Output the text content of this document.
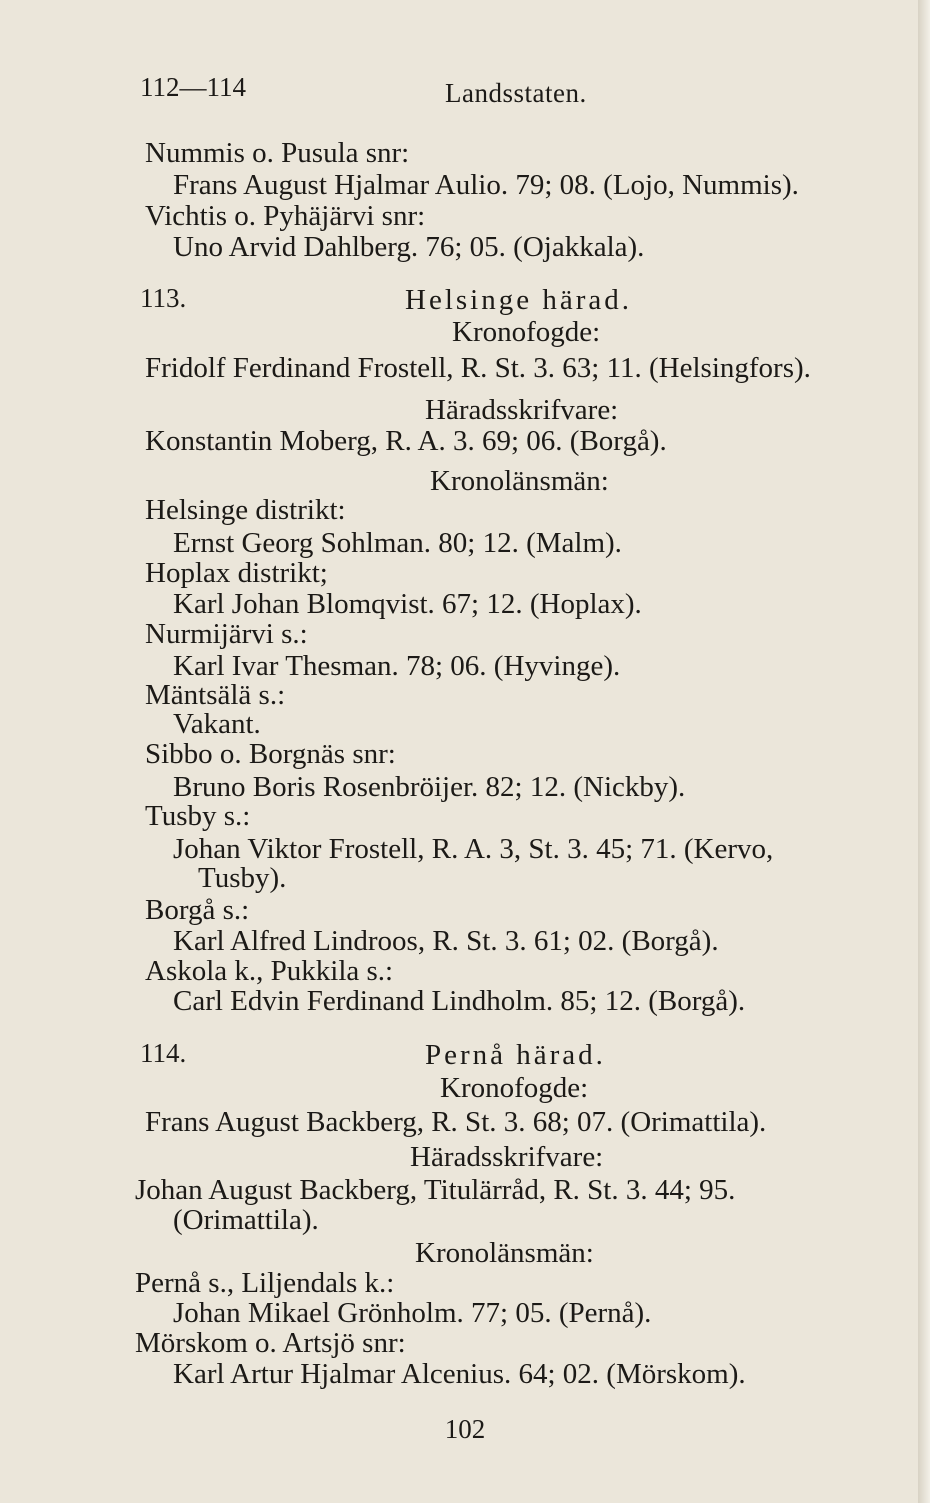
112—114	Landsstaten.
Nummis o. Pusula snr:
Frans August Hjalmar Aulio. 79; 08. (Lojo, Nummis).
Vichtis o. Pyhäjärvi snr:
Uno Arvid Dahlberg. 76; 05. (Ojakkala).
113.	Helsinge härad.
Kronofogde:
Fridolf Ferdinand Frostell, R. St. 3. 63; 11. (Helsingfors).
Häradsskrifvare:
Konstantin Moberg, R. A. 3. 69; 06. (Borgå).
Kronolänsmän:
Helsinge distrikt:
Ernst Georg Sohlman. 80; 12. (Malm).
Hoplax distrikt;
Karl Johan Blomqvist. 67; 12. (Hoplax).
Nurmijärvi s.:
Karl Ivar Thesman. 78; 06. (Hyvinge).
Mäntsälä s.:
Vakant.
Sibbo o. Borgnäs snr:
Bruno Boris Rosenbröijer. 82; 12. (Nickby).
Tusby s.:
Johan Viktor Frostell, R. A. 3, St. 3. 45; 71. (Kervo,
Tusby).
Borgå s.:
Karl Alfred Lindroos, R. St. 3. 61; 02. (Borgå).
Askola k., Pukkila s.:
Carl Edvin Ferdinand Lindholm. 85; 12. (Borgå).
114.	Pernå härad.
Kronofogde:
Frans August Backberg, R. St. 3. 68; 07. (Orimattila).
Häradsskrifvare:
Johan August Backberg, Titulärråd, R. St. 3. 44; 95.
(Orimattila).
Kronolänsmän:
Pernå s., Liljendals k.:
Johan Mikael Grönholm. 77; 05. (Pernå).
Mörskom o. Artsjö snr:
Karl Artur Hjalmar Alcenius. 64; 02. (Mörskom).
102
